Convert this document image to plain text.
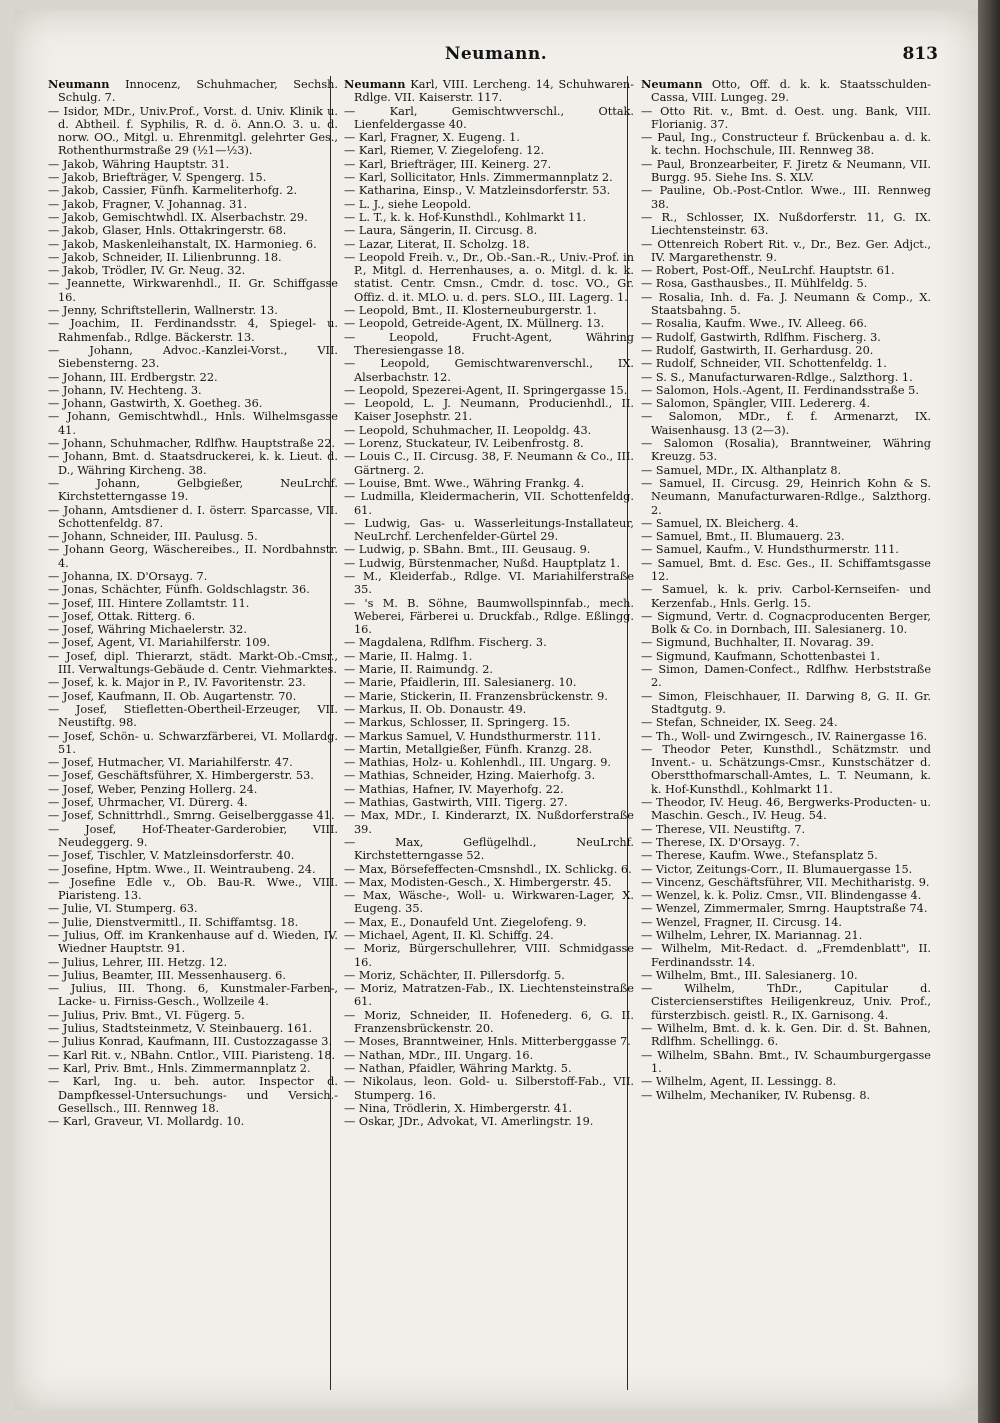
Neumann.	813

Neumann Innocenz, Schuhmacher, Sechsh. Schulg. 7.

— Isidor, MDr., Univ.Prof., Vorst. d. Univ. Klinik u. d. Abtheil. f. Syphilis, R. d. ö. Ann.O. 3. u. d. norw. OO., Mitgl. u. Ehrenmitgl. gelehrter Ges., Rothenthurmstraße 29 (½1—½3).

— Jakob, Währing Hauptstr. 31.

— Jakob, Briefträger, V. Spengerg. 15.

— Jakob, Cassier, Fünfh. Karmeliterhofg. 2.

— Jakob, Fragner, V. Johannag. 31.

— Jakob, Gemischtwhdl. IX. Alserbachstr. 29.

— Jakob, Glaser, Hnls. Ottakringerstr. 68.

— Jakob, Maskenleihanstalt, IX. Harmonieg. 6.

— Jakob, Schneider, II. Lilienbrunng. 18.

— Jakob, Trödler, IV. Gr. Neug. 32.

— Jeannette, Wirkwarenhdl., II. Gr. Schiffgasse 16.

— Jenny, Schriftstellerin, Wallnerstr. 13.

— Joachim, II. Ferdinandsstr. 4, Spiegel- u. Rahmenfab., Rdlge. Bäckerstr. 13.

— Johann, Advoc.-Kanzlei-Vorst., VII. Siebensterng. 23.

— Johann, III. Erdbergstr. 22.

— Johann, IV. Hechteng. 3.

— Johann, Gastwirth, X. Goetheg. 36.

— Johann, Gemischtwhdl., Hnls. Wilhelmsgasse 41.

— Johann, Schuhmacher, Rdlfhw. Hauptstraße 22.

— Johann, Bmt. d. Staatsdruckerei, k. k. Lieut. d. D., Währing Kircheng. 38.

— Johann, Gelbgießer, NeuLrchf. Kirchstetterngasse 19.

— Johann, Amtsdiener d. I. österr. Sparcasse, VII. Schottenfeldg. 87.

— Johann, Schneider, III. Paulusg. 5.

— Johann Georg, Wäschereibes., II. Nordbahnstr. 4.

— Johanna, IX. D'Orsayg. 7.

— Jonas, Schächter, Fünfh. Goldschlagstr. 36.

— Josef, III. Hintere Zollamtstr. 11.

— Josef, Ottak. Ritterg. 6.

— Josef, Währing Michaelerstr. 32.

— Josef, Agent, VI. Mariahilferstr. 109.

— Josef, dipl. Thierarzt, städt. Markt-Ob.-Cmsr., III. Verwaltungs-Gebäude d. Centr. Viehmarktes.

— Josef, k. k. Major in P., IV. Favoritenstr. 23.

— Josef, Kaufmann, II. Ob. Augartenstr. 70.

— Josef, Stiefletten-Obertheil-Erzeuger, VII. Neustiftg. 98.

— Josef, Schön- u. Schwarzfärberei, VI. Mollardg. 51.

— Josef, Hutmacher, VI. Mariahilferstr. 47.

— Josef, Geschäftsführer, X. Himbergerstr. 53.

— Josef, Weber, Penzing Hollerg. 24.

— Josef, Uhrmacher, VI. Dürerg. 4.

— Josef, Schnittrhdl., Smrng. Geiselberggasse 41.

— Josef, Hof-Theater-Garderobier, VIII. Neudeggerg. 9.

— Josef, Tischler, V. Matzleinsdorferstr. 40.

— Josefine, Hptm. Wwe., II. Weintraubeng. 24.

— Josefine Edle v., Ob. Bau-R. Wwe., VIII. Piaristeng. 13.

— Julie, VI. Stumperg. 63.

— Julie, Dienstvermittl., II. Schiffamtsg. 18.

— Julius, Off. im Krankenhause auf d. Wieden, IV. Wiedner Hauptstr. 91.

— Julius, Lehrer, III. Hetzg. 12.

— Julius, Beamter, III. Messenhauserg. 6.

— Julius, III. Thong. 6, Kunstmaler-Farben-, Lacke- u. Firniss-Gesch., Wollzeile 4.

— Julius, Priv. Bmt., VI. Fügerg. 5.

— Julius, Stadtsteinmetz, V. Steinbauerg. 161.

— Julius Konrad, Kaufmann, III. Custozzagasse 3.

— Karl Rit. v., NBahn. Cntlor., VIII. Piaristeng. 18.

— Karl, Priv. Bmt., Hnls. Zimmermannplatz 2.

— Karl, Ing. u. beh. autor. Inspector d. Dampfkessel-Untersuchungs- und Versich.-Gesellsch., III. Rennweg 18.

— Karl, Graveur, VI. Mollardg. 10.

Neumann Karl, VIII. Lercheng. 14, Schuhwaren-Rdlge. VII. Kaiserstr. 117.

— Karl, Gemischtwverschl., Ottak. Lienfeldergasse 40.

— Karl, Fragner, X. Eugeng. 1.

— Karl, Riemer, V. Ziegelofeng. 12.

— Karl, Briefträger, III. Keinerg. 27.

— Karl, Sollicitator, Hnls. Zimmermannplatz 2.

— Katharina, Einsp., V. Matzleinsdorferstr. 53.

— L. J., siehe Leopold.

— L. T., k. k. Hof-Kunsthdl., Kohlmarkt 11.

— Laura, Sängerin, II. Circusg. 8.

— Lazar, Literat, II. Scholzg. 18.

— Leopold Freih. v., Dr., Ob.-San.-R., Univ.-Prof. in P., Mitgl. d. Herrenhauses, a. o. Mitgl. d. k. k. statist. Centr. Cmsn., Cmdr. d. tosc. VO., Gr. Offiz. d. it. MLO. u. d. pers. SLO., III. Lagerg. 1.

— Leopold, Bmt., II. Klosterneuburgerstr. 1.

— Leopold, Getreide-Agent, IX. Müllnerg. 13.

— Leopold, Frucht-Agent, Währing Theresiengasse 18.

— Leopold, Gemischtwarenverschl., IX. Alserbachstr. 12.

— Leopold, Spezerei-Agent, II. Springergasse 15.

— Leopold, L. J. Neumann, Producienhdl., II. Kaiser Josephstr. 21.

— Leopold, Schuhmacher, II. Leopoldg. 43.

— Lorenz, Stuckateur, IV. Leibenfrostg. 8.

— Louis C., II. Circusg. 38, F. Neumann & Co., III. Gärtnerg. 2.

— Louise, Bmt. Wwe., Währing Frankg. 4.

— Ludmilla, Kleidermacherin, VII. Schottenfeldg. 61.

— Ludwig, Gas- u. Wasserleitungs-Installateur, NeuLrchf. Lerchenfelder-Gürtel 29.

— Ludwig, p. SBahn. Bmt., III. Geusaug. 9.

— Ludwig, Bürstenmacher, Nußd. Hauptplatz 1.

— M., Kleiderfab., Rdlge. VI. Mariahilferstraße 35.

— 's M. B. Söhne, Baumwollspinnfab., mech. Weberei, Färberei u. Druckfab., Rdlge. Eßlingg. 16.

— Magdalena, Rdlfhm. Fischerg. 3.

— Marie, II. Halmg. 1.

— Marie, II. Raimundg. 2.

— Marie, Pfaidlerin, III. Salesianerg. 10.

— Marie, Stickerin, II. Franzensbrückenstr. 9.

— Markus, II. Ob. Donaustr. 49.

— Markus, Schlosser, II. Springerg. 15.

— Markus Samuel, V. Hundsthurmerstr. 111.

— Martin, Metallgießer, Fünfh. Kranzg. 28.

— Mathias, Holz- u. Kohlenhdl., III. Ungarg. 9.

— Mathias, Schneider, Hzing. Maierhofg. 3.

— Mathias, Hafner, IV. Mayerhofg. 22.

— Mathias, Gastwirth, VIII. Tigerg. 27.

— Max, MDr., I. Kinderarzt, IX. Nußdorferstraße 39.

— Max, Geflügelhdl., NeuLrchf. Kirchstetterngasse 52.

— Max, Börsefeffecten-Cmsnshdl., IX. Schlickg. 6.

— Max, Modisten-Gesch., X. Himbergerstr. 45.

— Max, Wäsche-, Woll- u. Wirkwaren-Lager, X. Eugeng. 35.

— Max, E., Donaufeld Unt. Ziegelofeng. 9.

— Michael, Agent, II. Kl. Schiffg. 24.

— Moriz, Bürgerschullehrer, VIII. Schmidgasse 16.

— Moriz, Schächter, II. Pillersdorfg. 5.

— Moriz, Matratzen-Fab., IX. Liechtensteinstraße 61.

— Moriz, Schneider, II. Hofenederg. 6, G. II. Franzensbrückenstr. 20.

— Moses, Branntweiner, Hnls. Mitterberggasse 7.

— Nathan, MDr., III. Ungarg. 16.

— Nathan, Pfaidler, Währing Marktg. 5.

— Nikolaus, leon. Gold- u. Silberstoff-Fab., VII. Stumperg. 16.

— Nina, Trödlerin, X. Himbergerstr. 41.

— Oskar, JDr., Advokat, VI. Amerlingstr. 19.

Neumann Otto, Off. d. k. k. Staatsschulden-Cassa, VIII. Lungeg. 29.

— Otto Rit. v., Bmt. d. Oest. ung. Bank, VIII. Florianig. 37.

— Paul, Ing., Constructeur f. Brückenbau a. d. k. k. techn. Hochschule, III. Rennweg 38.

— Paul, Bronzearbeiter, F. Jiretz & Neumann, VII. Burgg. 95. Siehe Ins. S. XLV.

— Pauline, Ob.-Post-Cntlor. Wwe., III. Rennweg 38.

— R., Schlosser, IX. Nußdorferstr. 11, G. IX. Liechtensteinstr. 63.

— Ottenreich Robert Rit. v., Dr., Bez. Ger. Adjct., IV. Margarethenstr. 9.

— Robert, Post-Off., NeuLrchf. Hauptstr. 61.

— Rosa, Gasthausbes., II. Mühlfeldg. 5.

— Rosalia, Inh. d. Fa. J. Neumann & Comp., X. Staatsbahng. 5.

— Rosalia, Kaufm. Wwe., IV. Alleeg. 66.

— Rudolf, Gastwirth, Rdlfhm. Fischerg. 3.

— Rudolf, Gastwirth, II. Gerhardusg. 20.

— Rudolf, Schneider, VII. Schottenfeldg. 1.

— S. S., Manufacturwaren-Rdlge., Salzthorg. 1.

— Salomon, Hols.-Agent, II. Ferdinandsstraße 5.

— Salomon, Spängler, VIII. Ledererg. 4.

— Salomon, MDr., f. f. Armenarzt, IX. Waisenhausg. 13 (2—3).

— Salomon (Rosalia), Branntweiner, Währing Kreuzg. 53.

— Samuel, MDr., IX. Althanplatz 8.

— Samuel, II. Circusg. 29, Heinrich Kohn & S. Neumann, Manufacturwaren-Rdlge., Salzthorg. 2.

— Samuel, IX. Bleicherg. 4.

— Samuel, Bmt., II. Blumauerg. 23.

— Samuel, Kaufm., V. Hundsthurmerstr. 111.

— Samuel, Bmt. d. Esc. Ges., II. Schiffamtsgasse 12.

— Samuel, k. k. priv. Carbol-Kernseifen- und Kerzenfab., Hnls. Gerlg. 15.

— Sigmund, Vertr. d. Cognacproducenten Berger, Bolk & Co. in Dornbach, III. Salesianerg. 10.

— Sigmund, Buchhalter, II. Novarag. 39.

— Sigmund, Kaufmann, Schottenbastei 1.

— Simon, Damen-Confect., Rdlfhw. Herbststraße 2.

— Simon, Fleischhauer, II. Darwing 8, G. II. Gr. Stadtgutg. 9.

— Stefan, Schneider, IX. Seeg. 24.

— Th., Woll- und Zwirngesch., IV. Rainergasse 16.

— Theodor Peter, Kunsthdl., Schätzmstr. und Invent.- u. Schätzungs-Cmsr., Kunstschätzer d. Oberstthofmarschall-Amtes, L. T. Neumann, k. k. Hof-Kunsthdl., Kohlmarkt 11.

— Theodor, IV. Heug. 46, Bergwerks-Producten- u. Maschin. Gesch., IV. Heug. 54.

— Therese, VII. Neustiftg. 7.

— Therese, IX. D'Orsayg. 7.

— Therese, Kaufm. Wwe., Stefansplatz 5.

— Victor, Zeitungs-Corr., II. Blumauergasse 15.

— Vincenz, Geschäftsführer, VII. Mechitharistg. 9.

— Wenzel, k. k. Poliz. Cmsr., VII. Blindengasse 4.

— Wenzel, Zimmermaler, Smrng. Hauptstraße 74.

— Wenzel, Fragner, II. Circusg. 14.

— Wilhelm, Lehrer, IX. Mariannag. 21.

— Wilhelm, Mit-Redact. d. „Fremdenblatt", II. Ferdinandsstr. 14.

— Wilhelm, Bmt., III. Salesianerg. 10.

— Wilhelm, ThDr., Capitular d. Cistercienserstiftes Heiligenkreuz, Univ. Prof., fürsterzbisch. geistl. R., IX. Garnisong. 4.

— Wilhelm, Bmt. d. k. k. Gen. Dir. d. St. Bahnen, Rdlfhm. Schellingg. 6.

— Wilhelm, SBahn. Bmt., IV. Schaumburgergasse 1.

— Wilhelm, Agent, II. Lessingg. 8.

— Wilhelm, Mechaniker, IV. Rubensg. 8.
